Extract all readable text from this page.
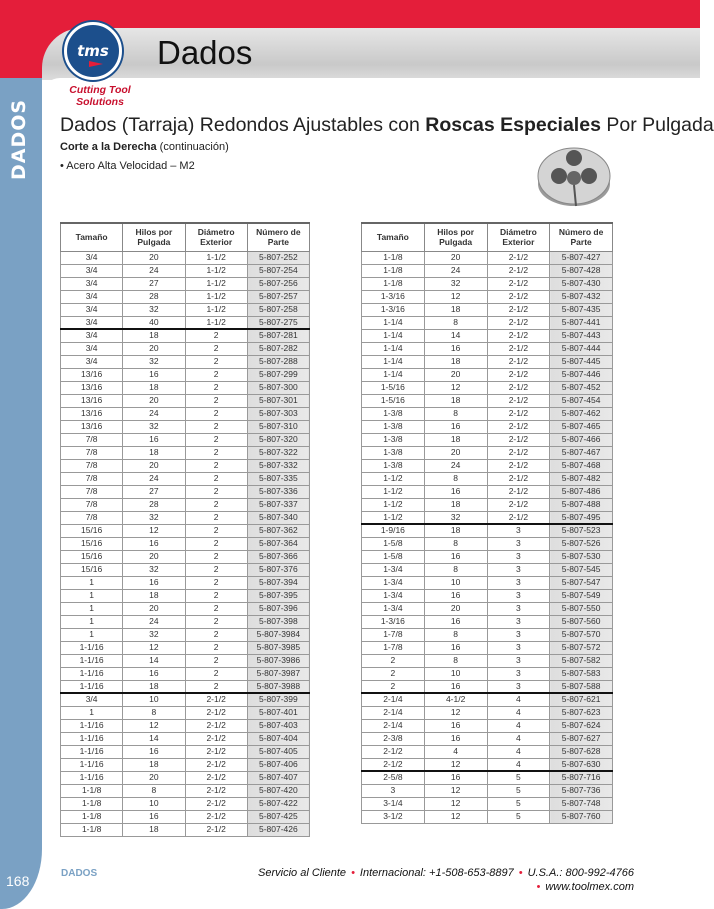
DADOS
168
tms
Cutting Tool Solutions
Dados
Dados (Tarraja) Redondos Ajustables con Roscas Especiales Por Pulgada
Corte a la Derecha (continuación)
• Acero Alta Velocidad – M2
Tamaño	Hilos por Pulgada	Diámetro Exterior	Número de Parte
3/4	20	1-1/2	5-807-252
3/4	24	1-1/2	5-807-254
3/4	27	1-1/2	5-807-256
3/4	28	1-1/2	5-807-257
3/4	32	1-1/2	5-807-258
3/4	40	1-1/2	5-807-275
3/4	18	2	5-807-281
3/4	20	2	5-807-282
3/4	32	2	5-807-288
13/16	16	2	5-807-299
13/16	18	2	5-807-300
13/16	20	2	5-807-301
13/16	24	2	5-807-303
13/16	32	2	5-807-310
7/8	16	2	5-807-320
7/8	18	2	5-807-322
7/8	20	2	5-807-332
7/8	24	2	5-807-335
7/8	27	2	5-807-336
7/8	28	2	5-807-337
7/8	32	2	5-807-340
15/16	12	2	5-807-362
15/16	16	2	5-807-364
15/16	20	2	5-807-366
15/16	32	2	5-807-376
1	16	2	5-807-394
1	18	2	5-807-395
1	20	2	5-807-396
1	24	2	5-807-398
1	32	2	5-807-3984
1-1/16	12	2	5-807-3985
1-1/16	14	2	5-807-3986
1-1/16	16	2	5-807-3987
1-1/16	18	2	5-807-3988
3/4	10	2-1/2	5-807-399
1	8	2-1/2	5-807-401
1-1/16	12	2-1/2	5-807-403
1-1/16	14	2-1/2	5-807-404
1-1/16	16	2-1/2	5-807-405
1-1/16	18	2-1/2	5-807-406
1-1/16	20	2-1/2	5-807-407
1-1/8	8	2-1/2	5-807-420
1-1/8	10	2-1/2	5-807-422
1-1/8	16	2-1/2	5-807-425
1-1/8	18	2-1/2	5-807-426
Tamaño	Hilos por Pulgada	Diámetro Exterior	Número de Parte
1-1/8	20	2-1/2	5-807-427
1-1/8	24	2-1/2	5-807-428
1-1/8	32	2-1/2	5-807-430
1-3/16	12	2-1/2	5-807-432
1-3/16	18	2-1/2	5-807-435
1-1/4	8	2-1/2	5-807-441
1-1/4	14	2-1/2	5-807-443
1-1/4	16	2-1/2	5-807-444
1-1/4	18	2-1/2	5-807-445
1-1/4	20	2-1/2	5-807-446
1-5/16	12	2-1/2	5-807-452
1-5/16	18	2-1/2	5-807-454
1-3/8	8	2-1/2	5-807-462
1-3/8	16	2-1/2	5-807-465
1-3/8	18	2-1/2	5-807-466
1-3/8	20	2-1/2	5-807-467
1-3/8	24	2-1/2	5-807-468
1-1/2	8	2-1/2	5-807-482
1-1/2	16	2-1/2	5-807-486
1-1/2	18	2-1/2	5-807-488
1-1/2	32	2-1/2	5-807-495
1-9/16	18	3	5-807-523
1-5/8	8	3	5-807-526
1-5/8	16	3	5-807-530
1-3/4	8	3	5-807-545
1-3/4	10	3	5-807-547
1-3/4	16	3	5-807-549
1-3/4	20	3	5-807-550
1-3/16	16	3	5-807-560
1-7/8	8	3	5-807-570
1-7/8	16	3	5-807-572
2	8	3	5-807-582
2	10	3	5-807-583
2	16	3	5-807-588
2-1/4	4-1/2	4	5-807-621
2-1/4	12	4	5-807-623
2-1/4	16	4	5-807-624
2-3/8	16	4	5-807-627
2-1/2	4	4	5-807-628
2-1/2	12	4	5-807-630
2-5/8	16	5	5-807-716
3	12	5	5-807-736
3-1/4	12	5	5-807-748
3-1/2	12	5	5-807-760
DADOS	Servicio al Cliente • Internacional: +1-508-653-8897 • U.S.A.: 800-992-4766
• www.toolmex.com
